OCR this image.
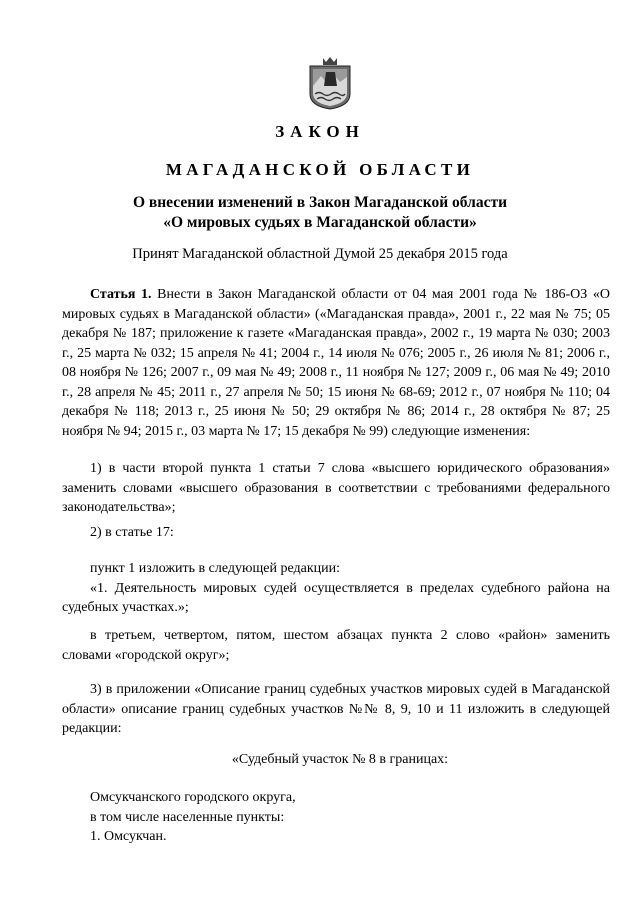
ЗАКОН
МАГАДАНСКОЙ ОБЛАСТИ
О внесении изменений в Закон Магаданской области
«О мировых судьях в Магаданской области»
Принят Магаданской областной Думой 25 декабря 2015 года
Статья 1. Внести в Закон Магаданской области от 04 мая 2001 года № 186-ОЗ «О мировых судьях в Магаданской области» («Магаданская правда», 2001 г., 22 мая № 75; 05 декабря № 187; приложение к газете «Магаданская правда», 2002 г., 19 марта № 030; 2003 г., 25 марта № 032; 15 апреля № 41; 2004 г., 14 июля № 076; 2005 г., 26 июля № 81; 2006 г., 08 ноября № 126; 2007 г., 09 мая № 49; 2008 г., 11 ноября № 127; 2009 г., 06 мая № 49; 2010 г., 28 апреля № 45; 2011 г., 27 апреля № 50; 15 июня № 68-69; 2012 г., 07 ноября № 110; 04 декабря № 118; 2013 г., 25 июня № 50; 29 октября № 86; 2014 г., 28 октября № 87; 25 ноября № 94; 2015 г., 03 марта № 17; 15 декабря № 99) следующие изменения:
1) в части второй пункта 1 статьи 7 слова «высшего юридического образования» заменить словами «высшего образования в соответствии с требованиями федерального законодательства»;
2) в статье 17:
пункт 1 изложить в следующей редакции:
«1. Деятельность мировых судей осуществляется в пределах судебного района на судебных участках.»;
в третьем, четвертом, пятом, шестом абзацах пункта 2 слово «район» заменить словами «городской округ»;
3) в приложении «Описание границ судебных участков мировых судей в Магаданской области» описание границ судебных участков №№ 8, 9, 10 и 11 изложить в следующей редакции:
«Судебный участок № 8 в границах:
Омсукчанского городского округа,
в том числе населенные пункты:
1. Омсукчан.
